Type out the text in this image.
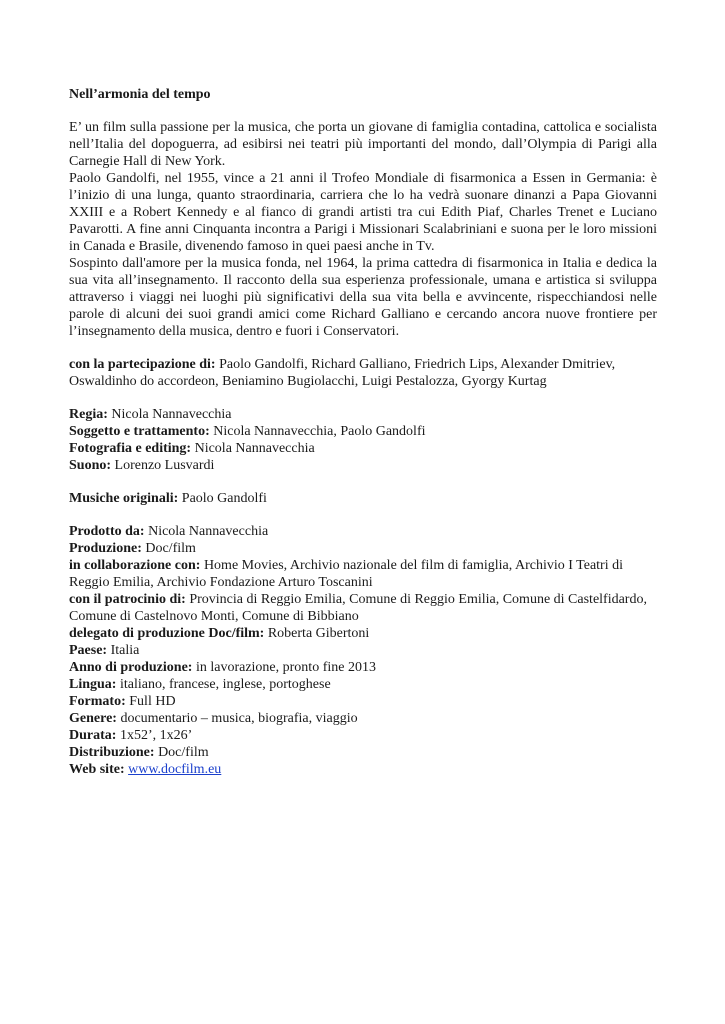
Nell’armonia del tempo

E’ un film sulla passione per la musica, che porta un giovane di famiglia contadina, cattolica e socialista nell’Italia del dopoguerra, ad esibirsi nei teatri più importanti del mondo, dall’Olympia di Parigi alla Carnegie Hall di New York.

Paolo Gandolfi, nel 1955, vince a 21 anni il Trofeo Mondiale di fisarmonica a Essen in Germania: è l’inizio di una lunga, quanto straordinaria, carriera che lo ha vedrà suonare dinanzi a Papa Giovanni XXIII e a Robert Kennedy e al fianco di grandi artisti tra cui Edith Piaf, Charles Trenet e Luciano Pavarotti. A fine anni Cinquanta incontra a Parigi i Missionari Scalabriniani e suona per le loro missioni in Canada e Brasile, divenendo famoso in quei paesi anche in Tv.

Sospinto dall'amore per la musica fonda, nel 1964, la prima cattedra di fisarmonica in Italia e dedica la sua vita all’insegnamento. Il racconto della sua esperienza professionale, umana e artistica si sviluppa attraverso i viaggi nei luoghi più significativi della sua vita bella e avvincente, rispecchiandosi nelle parole di alcuni dei suoi grandi amici come Richard Galliano e cercando ancora nuove frontiere per l’insegnamento della musica, dentro e fuori i Conservatori.

con la partecipazione di: Paolo Gandolfi, Richard Galliano, Friedrich Lips, Alexander Dmitriev, Oswaldinho do accordeon, Beniamino Bugiolacchi, Luigi Pestalozza, Gyorgy Kurtag

Regia: Nicola Nannavecchia

Soggetto e trattamento: Nicola Nannavecchia, Paolo Gandolfi

Fotografia e editing: Nicola Nannavecchia

Suono: Lorenzo Lusvardi

Musiche originali: Paolo Gandolfi

Prodotto da: Nicola Nannavecchia

Produzione: Doc/film

in collaborazione con: Home Movies, Archivio nazionale del film di famiglia, Archivio I Teatri di Reggio Emilia, Archivio Fondazione Arturo Toscanini

con il patrocinio di: Provincia di Reggio Emilia, Comune di Reggio Emilia, Comune di Castelfidardo, Comune di Castelnovo Monti, Comune di Bibbiano

delegato di produzione Doc/film: Roberta Gibertoni

Paese: Italia

Anno di produzione: in lavorazione, pronto fine 2013

Lingua: italiano, francese, inglese, portoghese

Formato: Full HD

Genere: documentario – musica, biografia, viaggio

Durata: 1x52’, 1x26’

Distribuzione: Doc/film

Web site: www.docfilm.eu
